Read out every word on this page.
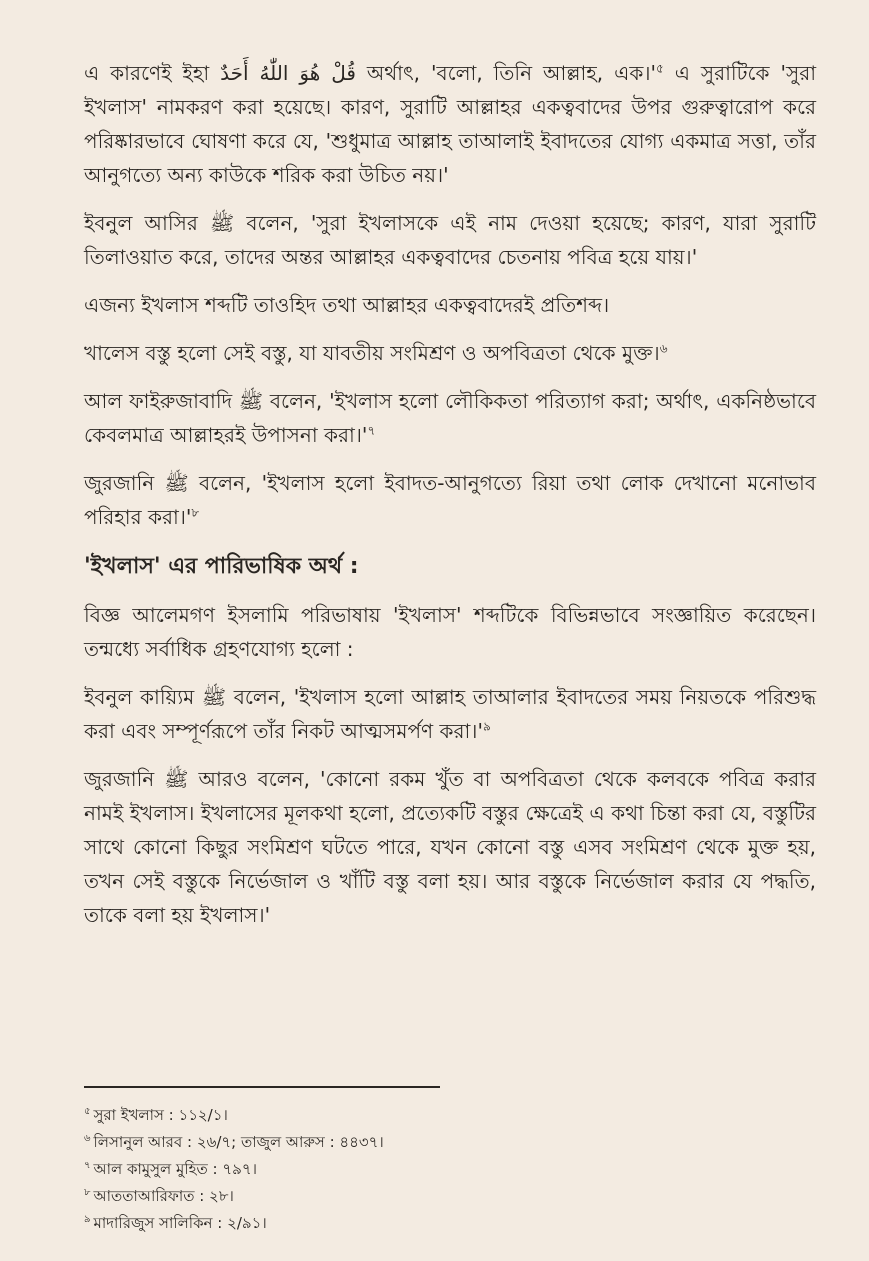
এ কারণেই ইহা قُلْ هُوَ اللّٰهُ أَحَدٌ অর্থাৎ, 'বলো, তিনি আল্লাহ, $এক।'^৫$ এ সুরাটিকে 'সুরা ইখলাস' নামকরণ করা হয়েছে। কারণ, সুরাটি আল্লাহর একত্ববাদের উপর গুরুত্বারোপ করে পরিষ্কারভাবে ঘোষণা করে যে, 'শুধুমাত্র আল্লাহ তাআলাই ইবাদতের যোগ্য একমাত্র সত্তা, তাঁর আনুগত্যে অন্য কাউকে শরিক করা উচিত নয়।'

ইবনুল আসির ﷺ বলেন, 'সুরা ইখলাসকে এই নাম দেওয়া হয়েছে; কারণ, যারা সুরাটি তিলাওয়াত করে, তাদের অন্তর আল্লাহর একত্ববাদের চেতনায় পবিত্র হয়ে যায়।'

এজন্য ইখলাস শব্দটি তাওহিদ তথা আল্লাহর একত্ববাদেরই প্রতিশব্দ।

খালেস বস্তু হলো সেই বস্তু, যা যাবতীয় সংমিশ্রণ ও অপবিত্রতা থেকে মুক্ত।$^৬$

আল ফাইরুজাবাদি ﷺ বলেন, 'ইখলাস হলো লৌকিকতা পরিত্যাগ করা; অর্থাৎ, একনিষ্ঠভাবে কেবলমাত্র আল্লাহরই উপাসনা $করা।'^৭$

জুরজানি ﷺ বলেন, 'ইখলাস হলো ইবাদত-আনুগত্যে রিয়া তথা লোক দেখানো মনোভাব পরিহার $করা।'^৮$

'ইখলাস' এর পারিভাষিক অর্থ :

বিজ্ঞ আলেমগণ ইসলামি পরিভাষায় 'ইখলাস' শব্দটিকে বিভিন্নভাবে সংজ্ঞায়িত করেছেন। তন্মধ্যে সর্বাধিক গ্রহণযোগ্য হলো :

ইবনুল কায়্যিম ﷺ বলেন, 'ইখলাস হলো আল্লাহ তাআলার ইবাদতের সময় নিয়তকে পরিশুদ্ধ করা এবং সম্পূর্ণরূপে তাঁর নিকট আত্মসমর্পণ $করা।'^৯$

জুরজানি ﷺ আরও বলেন, 'কোনো রকম খুঁত বা অপবিত্রতা থেকে কলবকে পবিত্র করার নামই ইখলাস। ইখলাসের মূলকথা হলো, প্রত্যেকটি বস্তুর ক্ষেত্রেই এ কথা চিন্তা করা যে, বস্তুটির সাথে কোনো কিছুর সংমিশ্রণ ঘটতে পারে, যখন কোনো বস্তু এসব সংমিশ্রণ থেকে মুক্ত হয়, তখন সেই বস্তুকে নির্ভেজাল ও খাঁটি বস্তু বলা হয়। আর বস্তুকে নির্ভেজাল করার যে পদ্ধতি, তাকে বলা হয় ইখলাস।'

$^৫$ সুরা ইখলাস : ১১২/১।
$^৬$ লিসানুল আরব : ২৬/৭; তাজুল আরুস : ৪৪৩৭।
$^৭$ আল কামুসুল মুহিত : ৭৯৭।
$^৮$ আততাআরিফাত : ২৮।
$^৯$ মাদারিজুস সালিকিন : ২/৯১।
